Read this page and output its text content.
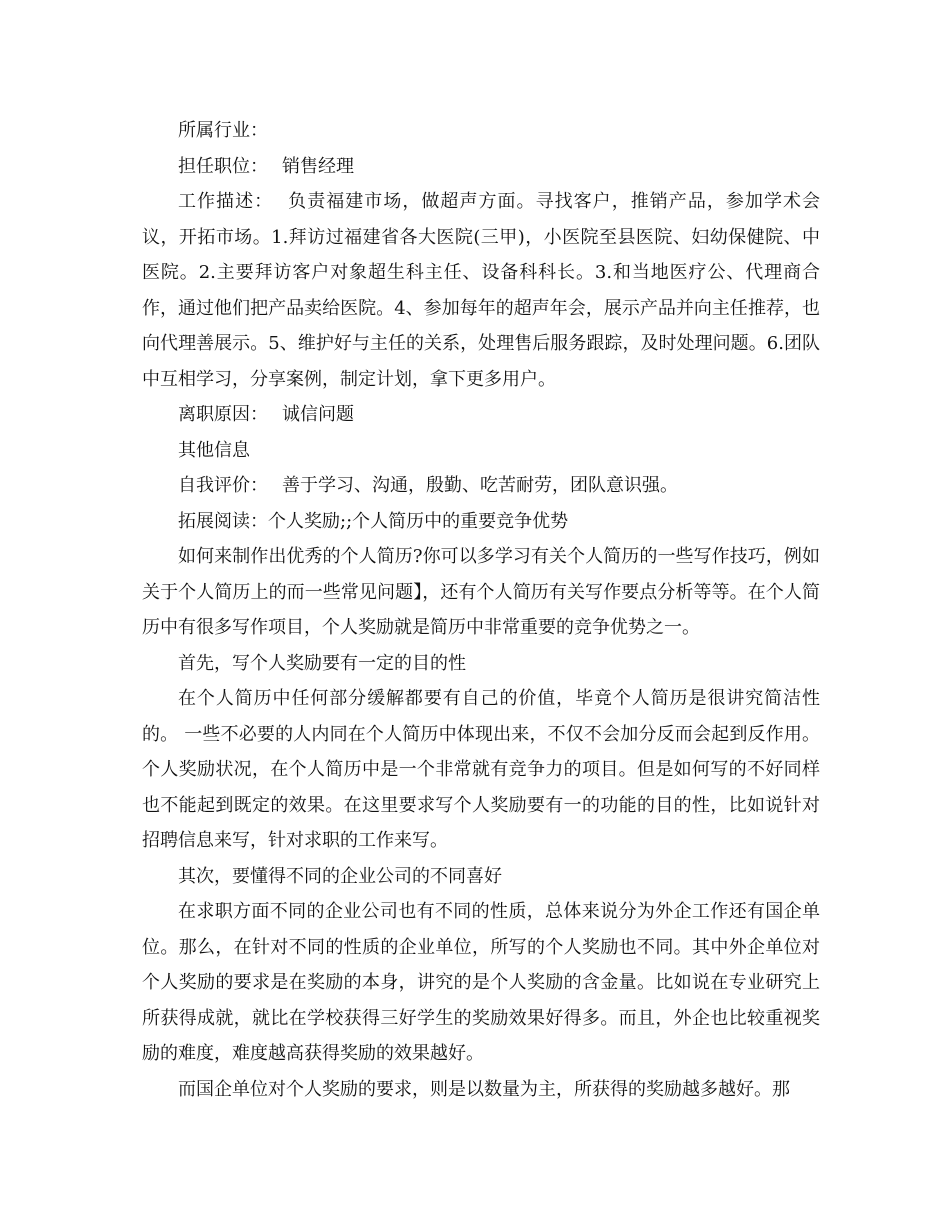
所属行业：

担任职位： 销售经理

工作描述： 负责福建市场，做超声方面。寻找客户，推销产品，参加学术会议，开拓市场。1.拜访过福建省各大医院(三甲)，小医院至县医院、妇幼保健院、中医院。2.主要拜访客户对象超生科主任、设备科科长。3.和当地医疗公、代理商合作，通过他们把产品卖给医院。4、参加每年的超声年会，展示产品并向主任推荐，也向代理善展示。5、维护好与主任的关系，处理售后服务跟踪，及时处理问题。6.团队中互相学习，分享案例，制定计划，拿下更多用户。

离职原因： 诚信问题

其他信息

自我评价： 善于学习、沟通，殷勤、吃苦耐劳，团队意识强。

拓展阅读：个人奖励;;个人简历中的重要竞争优势

如何来制作出优秀的个人简历?你可以多学习有关个人简历的一些写作技巧，例如关于个人简历上的而一些常见问题】，还有个人简历有关写作要点分析等等。在个人简历中有很多写作项目，个人奖励就是简历中非常重要的竞争优势之一。

首先，写个人奖励要有一定的目的性

在个人简历中任何部分缓解都要有自己的价值，毕竟个人简历是很讲究简洁性的。 一些不必要的人内同在个人简历中体现出来，不仅不会加分反而会起到反作用。个人奖励状况，在个人简历中是一个非常就有竞争力的项目。但是如何写的不好同样也不能起到既定的效果。在这里要求写个人奖励要有一的功能的目的性，比如说针对招聘信息来写，针对求职的工作来写。

其次，要懂得不同的企业公司的不同喜好

在求职方面不同的企业公司也有不同的性质，总体来说分为外企工作还有国企单位。那么，在针对不同的性质的企业单位，所写的个人奖励也不同。其中外企单位对个人奖励的要求是在奖励的本身，讲究的是个人奖励的含金量。比如说在专业研究上所获得成就，就比在学校获得三好学生的奖励效果好得多。而且，外企也比较重视奖励的难度，难度越高获得奖励的效果越好。

而国企单位对个人奖励的要求，则是以数量为主，所获得的奖励越多越好。那
